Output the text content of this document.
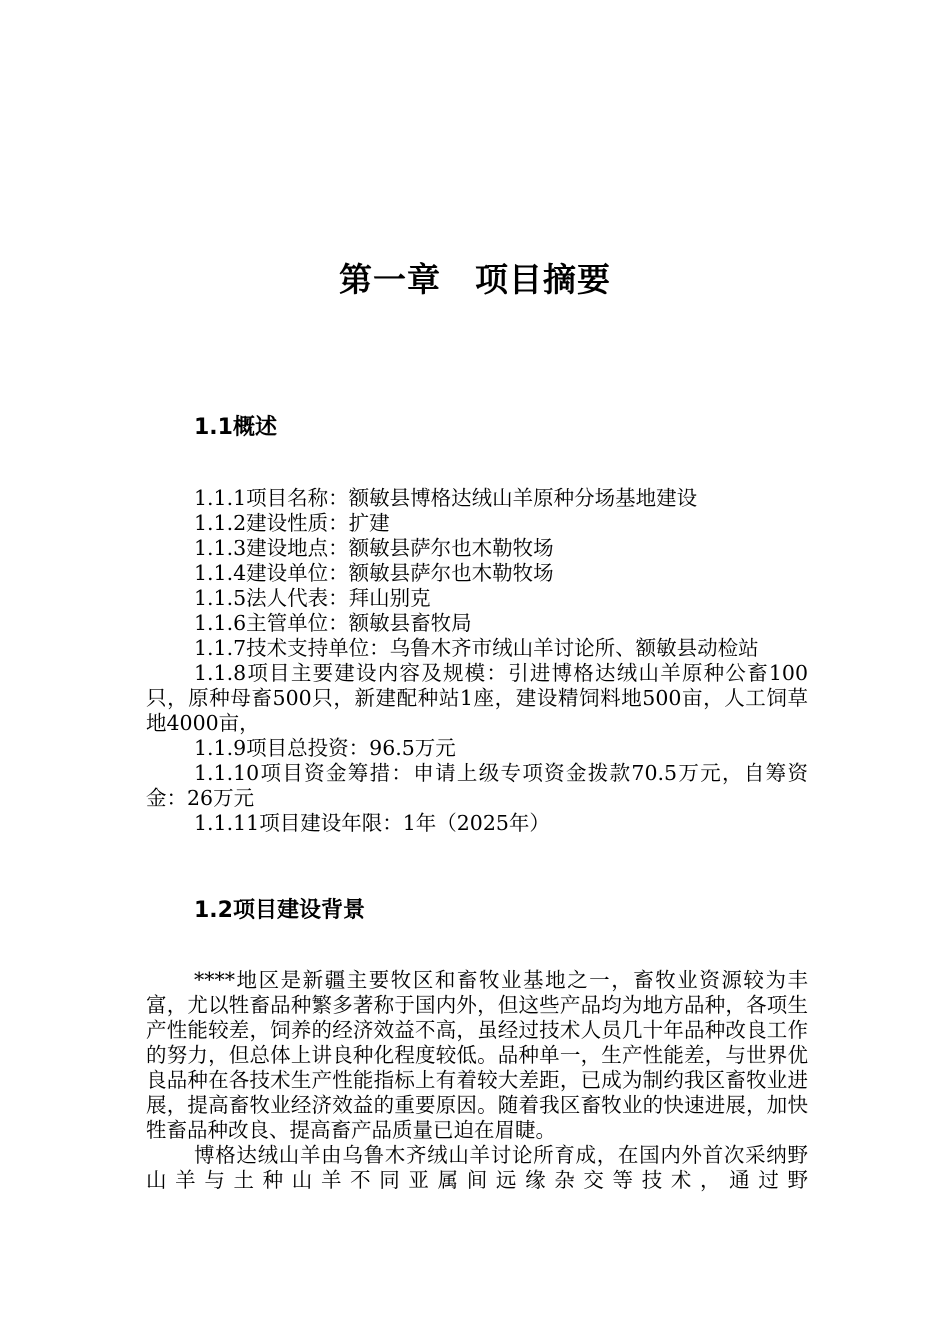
第一章　项目摘要
1.1概述

1.1.1项目名称：额敏县博格达绒山羊原种分场基地建设

1.1.2建设性质：扩建

1.1.3建设地点：额敏县萨尔也木勒牧场

1.1.4建设单位：额敏县萨尔也木勒牧场

1.1.5法人代表：拜山别克

1.1.6主管单位：额敏县畜牧局

1.1.7技术支持单位：乌鲁木齐市绒山羊讨论所、额敏县动检站

1.1.8项目主要建设内容及规模：引进博格达绒山羊原种公畜100只，原种母畜500只，新建配种站1座，建设精饲料地500亩，人工饲草地4000亩，

1.1.9项目总投资：96.5万元

1.1.10项目资金筹措：申请上级专项资金拨款70.5万元，自筹资金：26万元

1.1.11项目建设年限：1年（2025年）

1.2项目建设背景

****地区是新疆主要牧区和畜牧业基地之一，畜牧业资源较为丰富，尤以牲畜品种繁多著称于国内外，但这些产品均为地方品种，各项生产性能较差，饲养的经济效益不高，虽经过技术人员几十年品种改良工作的努力，但总体上讲良种化程度较低。品种单一，生产性能差，与世界优良品种在各技术生产性能指标上有着较大差距，已成为制约我区畜牧业进展，提高畜牧业经济效益的重要原因。随着我区畜牧业的快速进展，加快牲畜品种改良、提高畜产品质量已迫在眉睫。

博格达绒山羊由乌鲁木齐绒山羊讨论所育成，在国内外首次采纳野山羊与土种山羊不同亚属间远缘杂交等技术，通过野
